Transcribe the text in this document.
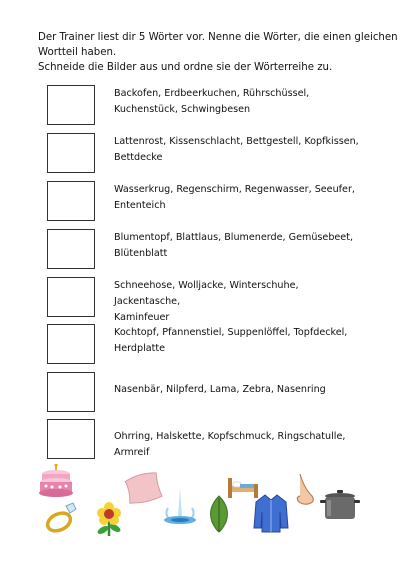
Der Trainer liest dir 5 Wörter vor. Nenne die Wörter, die einen gleichen
Wortteil haben.
Schneide die Bilder aus und ordne sie der Wörterreihe zu.
Backofen, Erdbeerkuchen, Rührschüssel,
Kuchenstück, Schwingbesen
Lattenrost, Kissenschlacht, Bettgestell, Kopfkissen,
Bettdecke
Wasserkrug, Regenschirm, Regenwasser, Seeufer,
Ententeich
Blumentopf, Blattlaus, Blumenerde, Gemüsebeet,
Blütenblatt
Schneehose, Wolljacke, Winterschuhe, Jackentasche,
Kaminfeuer
Kochtopf, Pfannenstiel, Suppenlöffel, Topfdeckel,
Herdplatte
Nasenbär, Nilpferd, Lama, Zebra, Nasenring
Ohrring, Halskette, Kopfschmuck, Ringschatulle,
Armreif
